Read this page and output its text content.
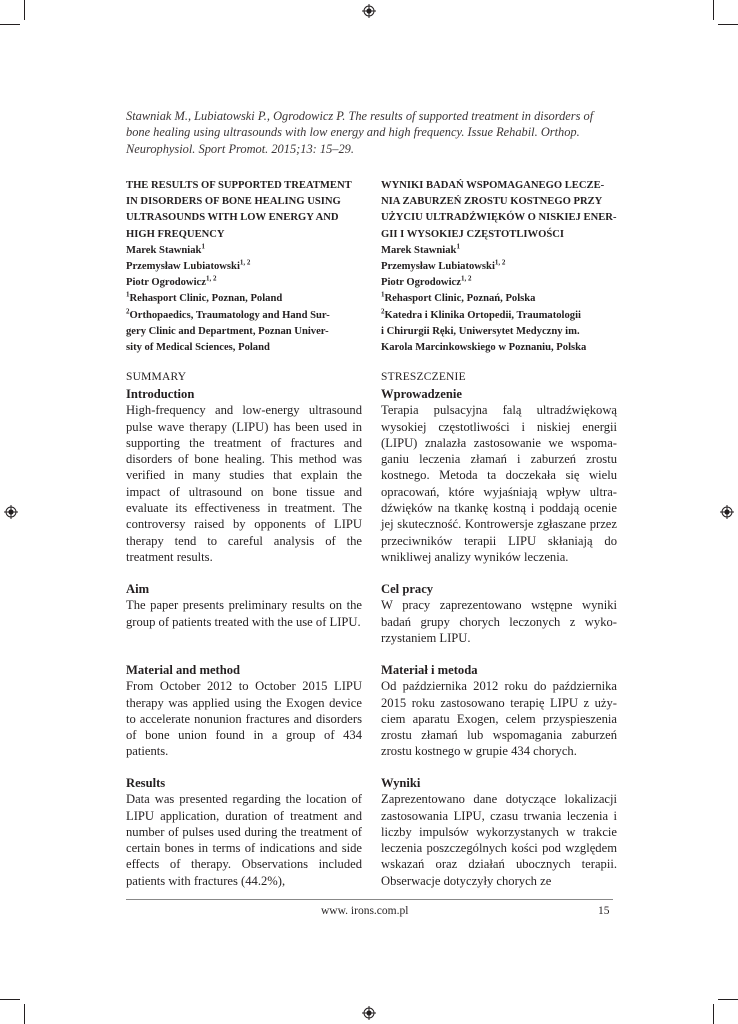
Stawniak M., Lubiatowski P., Ogrodowicz P. The results of supported treatment in disorders of bone healing using ultrasounds with low energy and high frequency. Issue Rehabil. Orthop. Neurophysiol. Sport Promot. 2015;13: 15–29.
THE RESULTS OF SUPPORTED TREATMENT
IN DISORDERS OF BONE HEALING USING
ULTRASOUNDS WITH LOW ENERGY AND
HIGH FREQUENCY
Marek Stawniak$^1$
Przemysław Lubiatowski$^{1, 2}$
Piotr Ogrodowicz$^{1, 2}$
$^1$Rehasport Clinic, Poznan, Poland
$^2$Orthopaedics, Traumatology and Hand Sur-
gery Clinic and Department, Poznan Univer-
sity of Medical Sciences, Poland
WYNIKI BADAŃ WSPOMAGANEGO LECZE-
NIA ZABURZEŃ ZROSTU KOSTNEGO PRZY
UŻYCIU ULTRADŹWIĘKÓW O NISKIEJ ENER-
GII I WYSOKIEJ CZĘSTOTLIWOŚCI
Marek Stawniak$^1$
Przemysław Lubiatowski$^{1, 2}$
Piotr Ogrodowicz$^{1, 2}$
$^1$Rehasport Clinic, Poznań, Polska
$^2$Katedra i Klinika Ortopedii, Traumatologii
i Chirurgii Ręki, Uniwersytet Medyczny im.
Karola Marcinkowskiego w Poznaniu, Polska
SUMMARY	STRESZCZENIE
Introduction

High-frequency and low-energy ultrasound pulse wave therapy (LIPU) has been used in supporting the treatment of fractures and disorders of bone healing. This method was verified in many studies that explain the impact of ultrasound on bone tissue and evaluate its effectiveness in treatment. The controversy raised by opponents of LIPU therapy tend to careful analysis of the treatment results.

Aim

The paper presents preliminary results on the group of patients treated with the use of LIPU.

Material and method

From October 2012 to October 2015 LIPU therapy was applied using the Exogen device to accelerate nonunion fractures and disorders of bone union found in a group of 434 patients.

Results

Data was presented regarding the location of LIPU application, duration of treatment and number of pulses used during the treatment of certain bones in terms of indications and side effects of therapy. Observations included patients with fractures (44.2%),

Wprowadzenie

Terapia pulsacyjna falą ultradźwiękową wysokiej częstotliwości i niskiej energii (LIPU) znalazła zastosowanie we wspomaganiu leczenia złamań i zaburzeń zrostu kostnego. Metoda ta doczekała się wielu opracowań, które wyjaśniają wpływ ultradźwięków na tkankę kostną i poddają ocenie jej skuteczność. Kontrowersje zgłaszane przez przeciwników terapii LIPU skłaniają do wnikliwej analizy wyników leczenia.

Cel pracy

W pracy zaprezentowano wstępne wyniki badań grupy chorych leczonych z wykorzystaniem LIPU.

Materiał i metoda

Od października 2012 roku do października 2015 roku zastosowano terapię LIPU z użyciem aparatu Exogen, celem przyspieszenia zrostu złamań lub wspomagania zaburzeń zrostu kostnego w grupie 434 chorych.

Wyniki

Zaprezentowano dane dotyczące lokalizacji zastosowania LIPU, czasu trwania leczenia i liczby impulsów wykorzystanych w trakcie leczenia poszczególnych kości pod względem wskazań oraz działań ubocznych terapii. Obserwacje dotyczyły chorych ze

www. irons.com.pl	15
